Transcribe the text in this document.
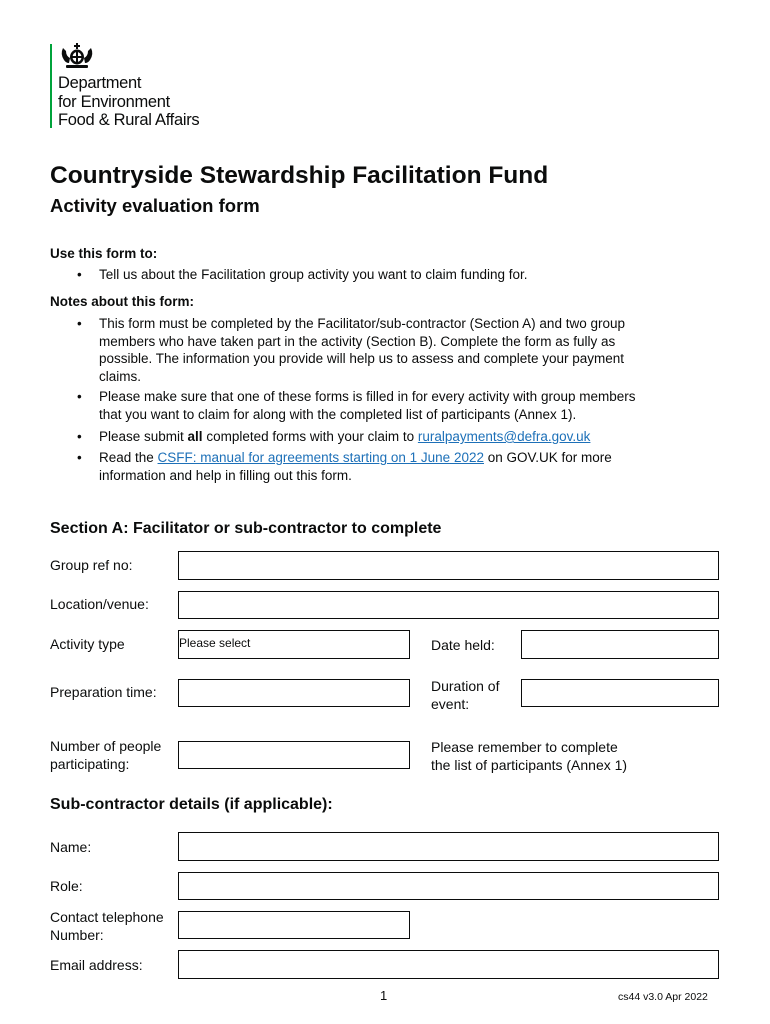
Department
for Environment
Food & Rural Affairs
Countryside Stewardship Facilitation Fund
Activity evaluation form
Use this form to:
• Tell us about the Facilitation group activity you want to claim funding for.
Notes about this form:
• This form must be completed by the Facilitator/sub-contractor (Section A) and two group
members who have taken part in the activity (Section B). Complete the form as fully as
possible. The information you provide will help us to assess and complete your payment
claims.
• Please make sure that one of these forms is filled in for every activity with group members
that you want to claim for along with the completed list of participants (Annex 1).
• Please submit all completed forms with your claim to ruralpayments@defra.gov.uk
• Read the CSFF: manual for agreements starting on 1 June 2022 on GOV.UK for more
information and help in filling out this form.
Section A: Facilitator or sub-contractor to complete
Group ref no:
Location/venue:
Activity type	Please select	Date held:
Preparation time:	Duration of
event:
Number of people
participating:
Please remember to complete
the list of participants (Annex 1)
Sub-contractor details (if applicable):
Name:
Role:
Contact telephone
Number:
Email address:
1	cs44 v3.0 Apr 2022
